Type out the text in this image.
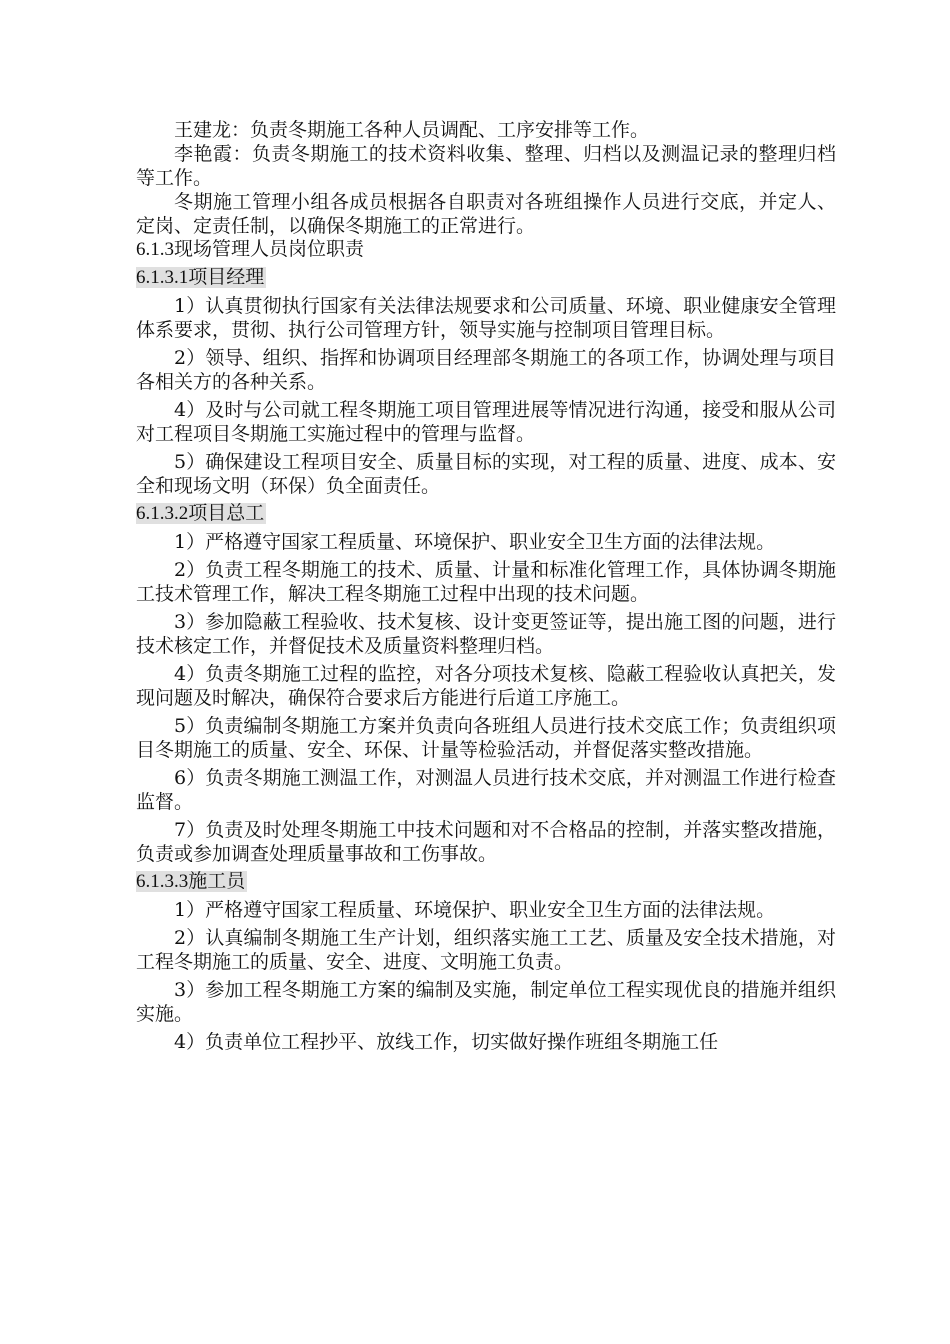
王建龙：负责冬期施工各种人员调配、工序安排等工作。

李艳霞：负责冬期施工的技术资料收集、整理、归档以及测温记录的整理归档等工作。

冬期施工管理小组各成员根据各自职责对各班组操作人员进行交底，并定人、定岗、定责任制，以确保冬期施工的正常进行。

6.1.3现场管理人员岗位职责
6.1.3.1项目经理

1）认真贯彻执行国家有关法律法规要求和公司质量、环境、职业健康安全管理体系要求，贯彻、执行公司管理方针，领导实施与控制项目管理目标。

2）领导、组织、指挥和协调项目经理部冬期施工的各项工作，协调处理与项目各相关方的各种关系。

4）及时与公司就工程冬期施工项目管理进展等情况进行沟通，接受和服从公司对工程项目冬期施工实施过程中的管理与监督。

5）确保建设工程项目安全、质量目标的实现，对工程的质量、进度、成本、安全和现场文明（环保）负全面责任。

6.1.3.2项目总工

1）严格遵守国家工程质量、环境保护、职业安全卫生方面的法律法规。

2）负责工程冬期施工的技术、质量、计量和标准化管理工作，具体协调冬期施工技术管理工作，解决工程冬期施工过程中出现的技术问题。

3）参加隐蔽工程验收、技术复核、设计变更签证等，提出施工图的问题，进行技术核定工作，并督促技术及质量资料整理归档。

4）负责冬期施工过程的监控，对各分项技术复核、隐蔽工程验收认真把关，发现问题及时解决，确保符合要求后方能进行后道工序施工。

5）负责编制冬期施工方案并负责向各班组人员进行技术交底工作；负责组织项目冬期施工的质量、安全、环保、计量等检验活动，并督促落实整改措施。

6）负责冬期施工测温工作，对测温人员进行技术交底，并对测温工作进行检查监督。

7）负责及时处理冬期施工中技术问题和对不合格品的控制，并落实整改措施，负责或参加调查处理质量事故和工伤事故。

6.1.3.3施工员

1）严格遵守国家工程质量、环境保护、职业安全卫生方面的法律法规。

2）认真编制冬期施工生产计划，组织落实施工工艺、质量及安全技术措施，对工程冬期施工的质量、安全、进度、文明施工负责。

3）参加工程冬期施工方案的编制及实施，制定单位工程实现优良的措施并组织实施。

4）负责单位工程抄平、放线工作，切实做好操作班组冬期施工任
